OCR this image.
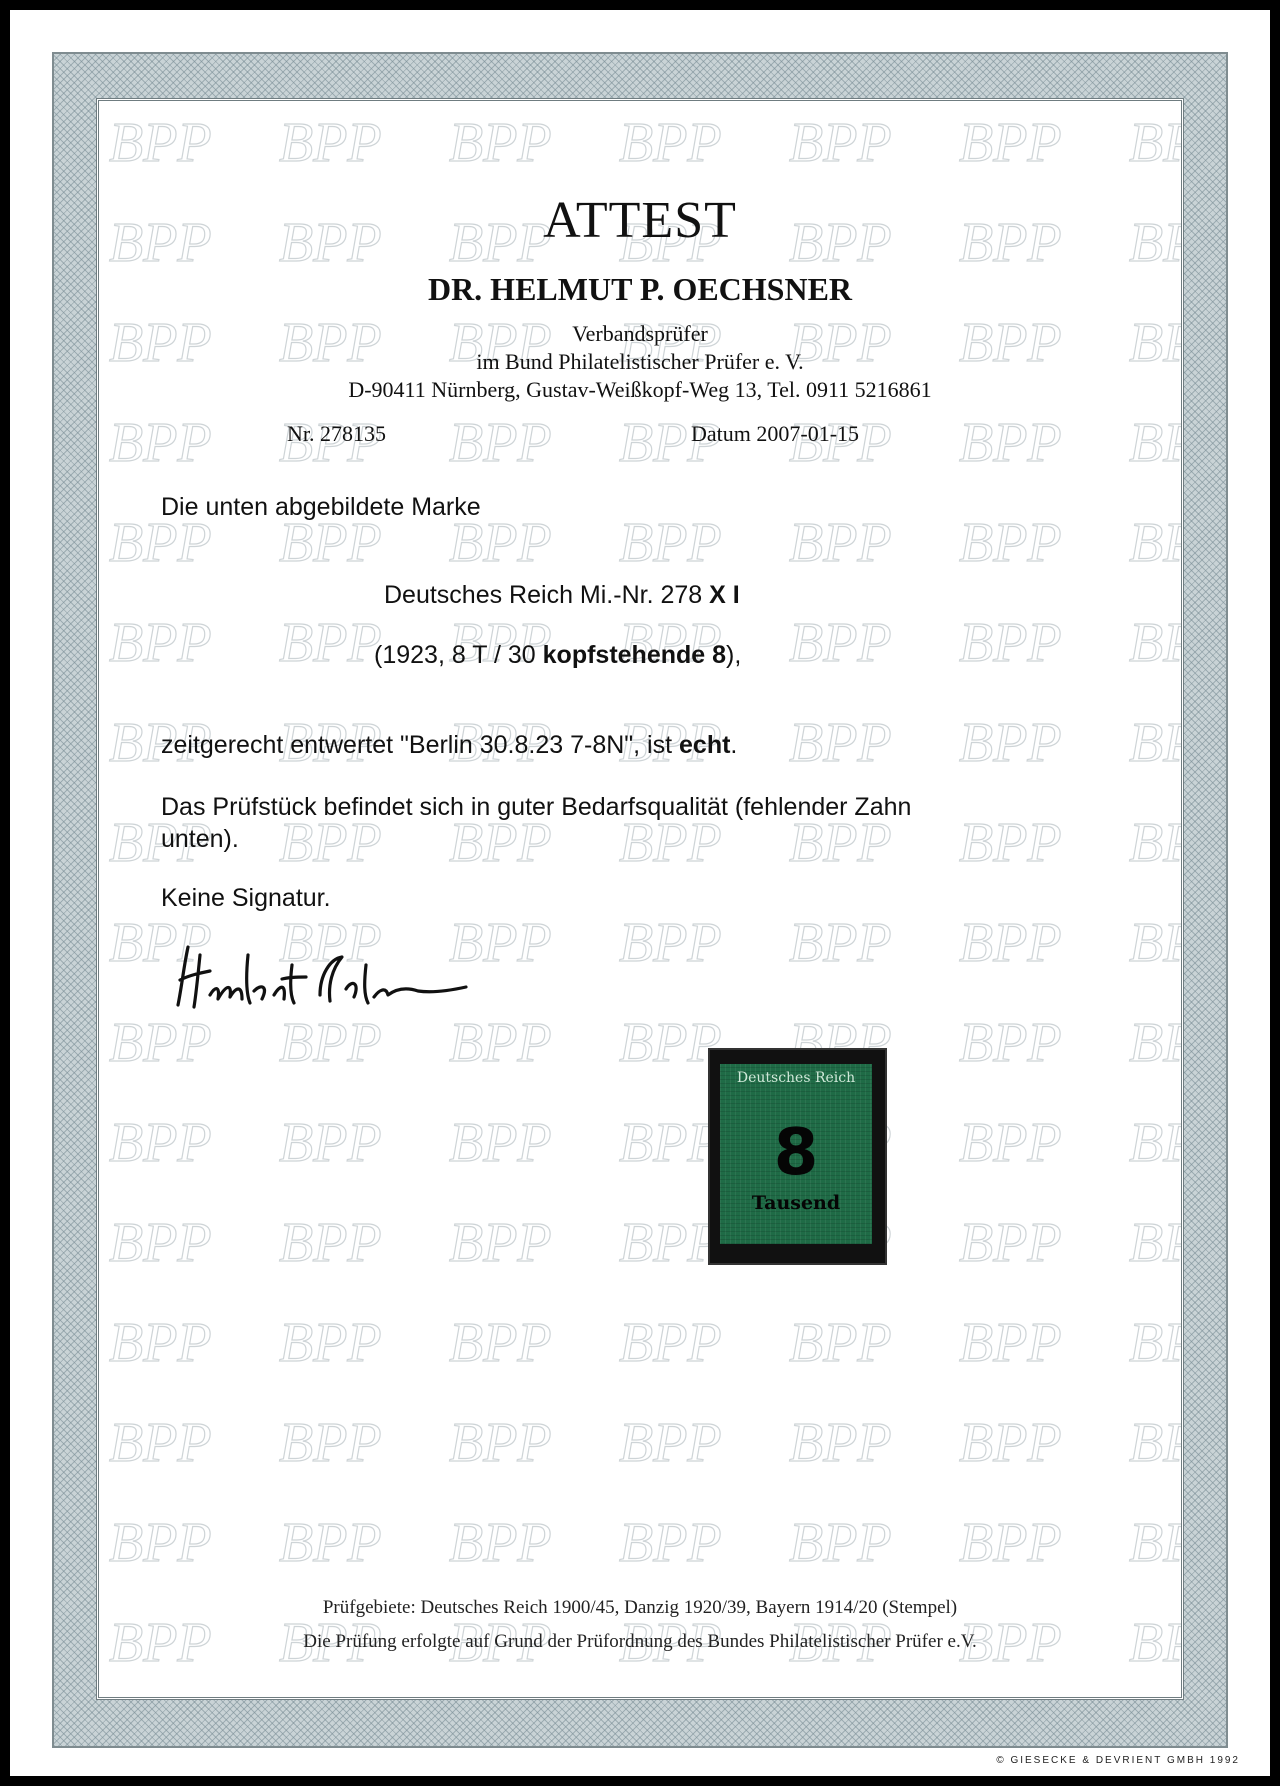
ATTEST
DR. HELMUT P. OECHSNER
Verbandsprüfer
im Bund Philatelistischer Prüfer e. V.
D-90411 Nürnberg, Gustav-Weißkopf-Weg 13, Tel. 0911 5216861
Nr. 278135	Datum 2007-01-15
Die unten abgebildete Marke
Deutsches Reich Mi.-Nr. 278 X I
(1923, 8 T / 30 kopfstehende 8),
zeitgerecht entwertet "Berlin 30.8.23 7-8N", ist echt.
Das Prüfstück befindet sich in guter Bedarfsqualität (fehlender Zahn unten).
Keine Signatur.
Prüfgebiete: Deutsches Reich 1900/45, Danzig 1920/39, Bayern 1914/20 (Stempel)
Die Prüfung erfolgte auf Grund der Prüfordnung des Bundes Philatelistischer Prüfer e.V.
Deutsches Reich
8
Tausend
© GIESECKE & DEVRIENT GMBH 1992
